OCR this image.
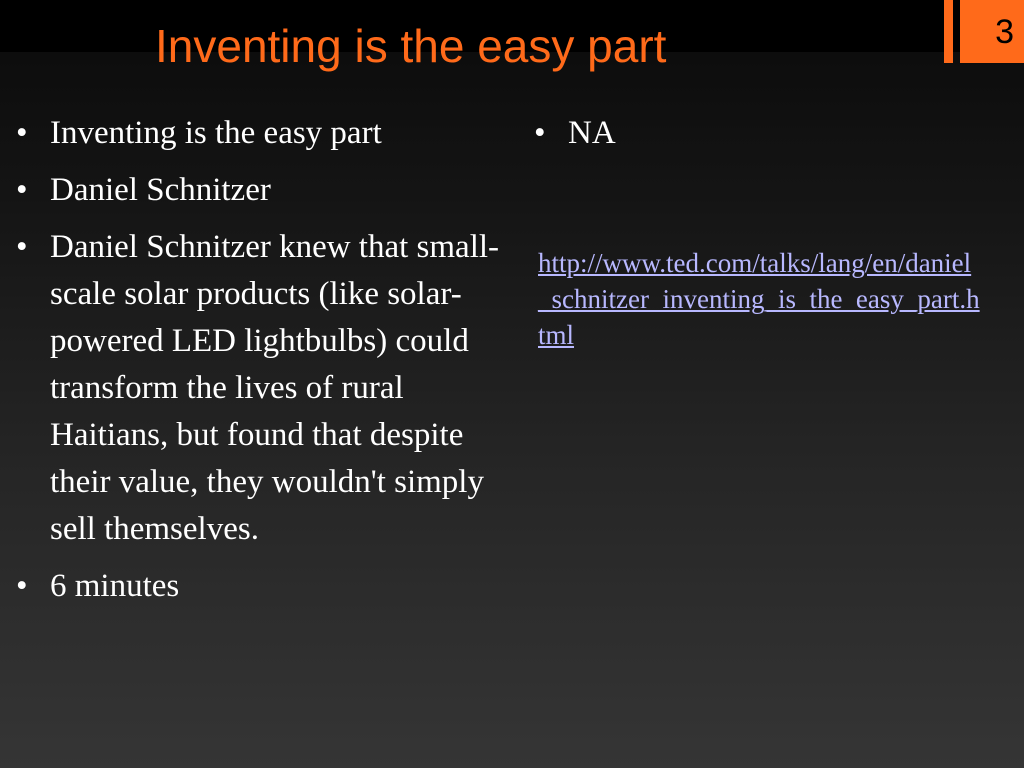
Inventing is the easy part	3
• Inventing is the easy part
• Daniel Schnitzer
• Daniel Schnitzer knew that small-scale solar products (like solar-powered LED lightbulbs) could transform the lives of rural Haitians, but found that despite their value, they wouldn't simply sell themselves.
• 6 minutes
• NA
http://www.ted.com/talks/lang/en/daniel_schnitzer_inventing_is_the_easy_part.html
